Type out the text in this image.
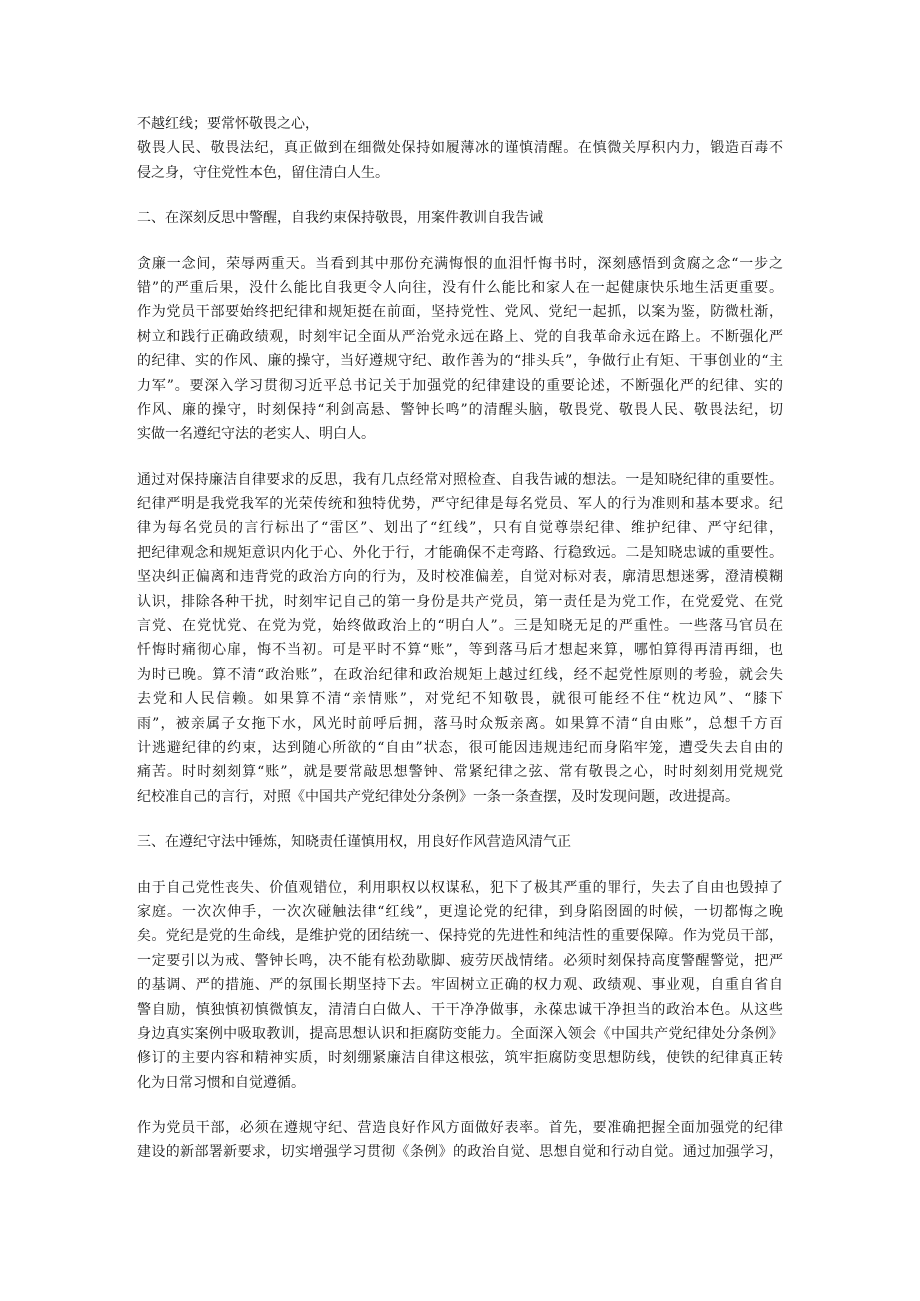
不越红线；要常怀敬畏之心，
敬畏人民、敬畏法纪，真正做到在细微处保持如履薄冰的谨慎清醒。在慎微关厚积内力，锻造百毒不
侵之身，守住党性本色，留住清白人生。
二、在深刻反思中警醒，自我约束保持敬畏，用案件教训自我告诫
贪廉一念间，荣辱两重天。当看到其中那份充满悔恨的血泪忏悔书时，深刻感悟到贪腐之念“一步之
错”的严重后果，没什么能比自我更令人向往，没有什么能比和家人在一起健康快乐地生活更重要。
作为党员干部要始终把纪律和规矩挺在前面，坚持党性、党风、党纪一起抓，以案为鉴，防微杜渐，
树立和践行正确政绩观，时刻牢记全面从严治党永远在路上、党的自我革命永远在路上。不断强化严
的纪律、实的作风、廉的操守，当好遵规守纪、敢作善为的“排头兵”，争做行止有矩、干事创业的“主
力军”。要深入学习贯彻习近平总书记关于加强党的纪律建设的重要论述，不断强化严的纪律、实的
作风、廉的操守，时刻保持“利剑高悬、警钟长鸣”的清醒头脑，敬畏党、敬畏人民、敬畏法纪，切
实做一名遵纪守法的老实人、明白人。
通过对保持廉洁自律要求的反思，我有几点经常对照检查、自我告诫的想法。一是知晓纪律的重要性。
纪律严明是我党我军的光荣传统和独特优势，严守纪律是每名党员、军人的行为准则和基本要求。纪
律为每名党员的言行标出了“雷区”、划出了“红线”，只有自觉尊崇纪律、维护纪律、严守纪律，
把纪律观念和规矩意识内化于心、外化于行，才能确保不走弯路、行稳致远。二是知晓忠诚的重要性。
坚决纠正偏离和违背党的政治方向的行为，及时校准偏差，自觉对标对表，廓清思想迷雾，澄清模糊
认识，排除各种干扰，时刻牢记自己的第一身份是共产党员，第一责任是为党工作，在党爱党、在党
言党、在党忧党、在党为党，始终做政治上的“明白人”。三是知晓无足的严重性。一些落马官员在
忏悔时痛彻心扉，悔不当初。可是平时不算“账”，等到落马后才想起来算，哪怕算得再清再细，也
为时已晚。算不清“政治账”，在政治纪律和政治规矩上越过红线，经不起党性原则的考验，就会失
去党和人民信赖。如果算不清“亲情账”，对党纪不知敬畏，就很可能经不住“枕边风”、“膝下
雨”，被亲属子女拖下水，风光时前呼后拥，落马时众叛亲离。如果算不清“自由账”，总想千方百
计逃避纪律的约束，达到随心所欲的“自由”状态，很可能因违规违纪而身陷牢笼，遭受失去自由的
痛苦。时时刻刻算“账”，就是要常敲思想警钟、常紧纪律之弦、常有敬畏之心，时时刻刻用党规党
纪校准自己的言行，对照《中国共产党纪律处分条例》一条一条查摆，及时发现问题，改进提高。
三、在遵纪守法中锤炼，知晓责任谨慎用权，用良好作风营造风清气正
由于自己党性丧失、价值观错位，利用职权以权谋私，犯下了极其严重的罪行，失去了自由也毁掉了
家庭。一次次伸手，一次次碰触法律“红线”，更遑论党的纪律，到身陷囹圄的时候，一切都悔之晚
矣。党纪是党的生命线，是维护党的团结统一、保持党的先进性和纯洁性的重要保障。作为党员干部，
一定要引以为戒、警钟长鸣，决不能有松劲歇脚、疲劳厌战情绪。必须时刻保持高度警醒警觉，把严
的基调、严的措施、严的氛围长期坚持下去。牢固树立正确的权力观、政绩观、事业观，自重自省自
警自励，慎独慎初慎微慎友，清清白白做人、干干净净做事，永葆忠诚干净担当的政治本色。从这些
身边真实案例中吸取教训，提高思想认识和拒腐防变能力。全面深入领会《中国共产党纪律处分条例》
修订的主要内容和精神实质，时刻绷紧廉洁自律这根弦，筑牢拒腐防变思想防线，使铁的纪律真正转
化为日常习惯和自觉遵循。
作为党员干部，必须在遵规守纪、营造良好作风方面做好表率。首先，要准确把握全面加强党的纪律
建设的新部署新要求，切实增强学习贯彻《条例》的政治自觉、思想自觉和行动自觉。通过加强学习，
